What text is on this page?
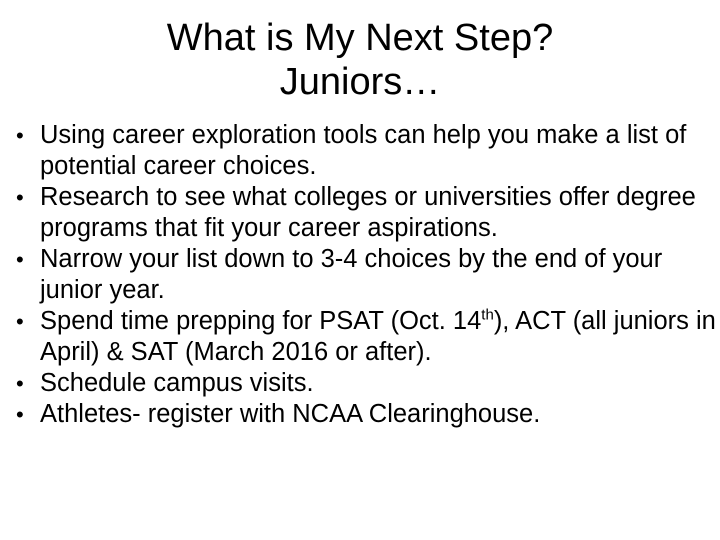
What is My Next Step?
Juniors…
• Using career exploration tools can help you make a list of potential career choices.
• Research to see what colleges or universities offer degree programs that fit your career aspirations.
• Narrow your list down to 3-4 choices by the end of your junior year.
• Spend time prepping for PSAT (Oct. 14th), ACT (all juniors in April) & SAT (March 2016 or after).
• Schedule campus visits.
• Athletes- register with NCAA Clearinghouse.
